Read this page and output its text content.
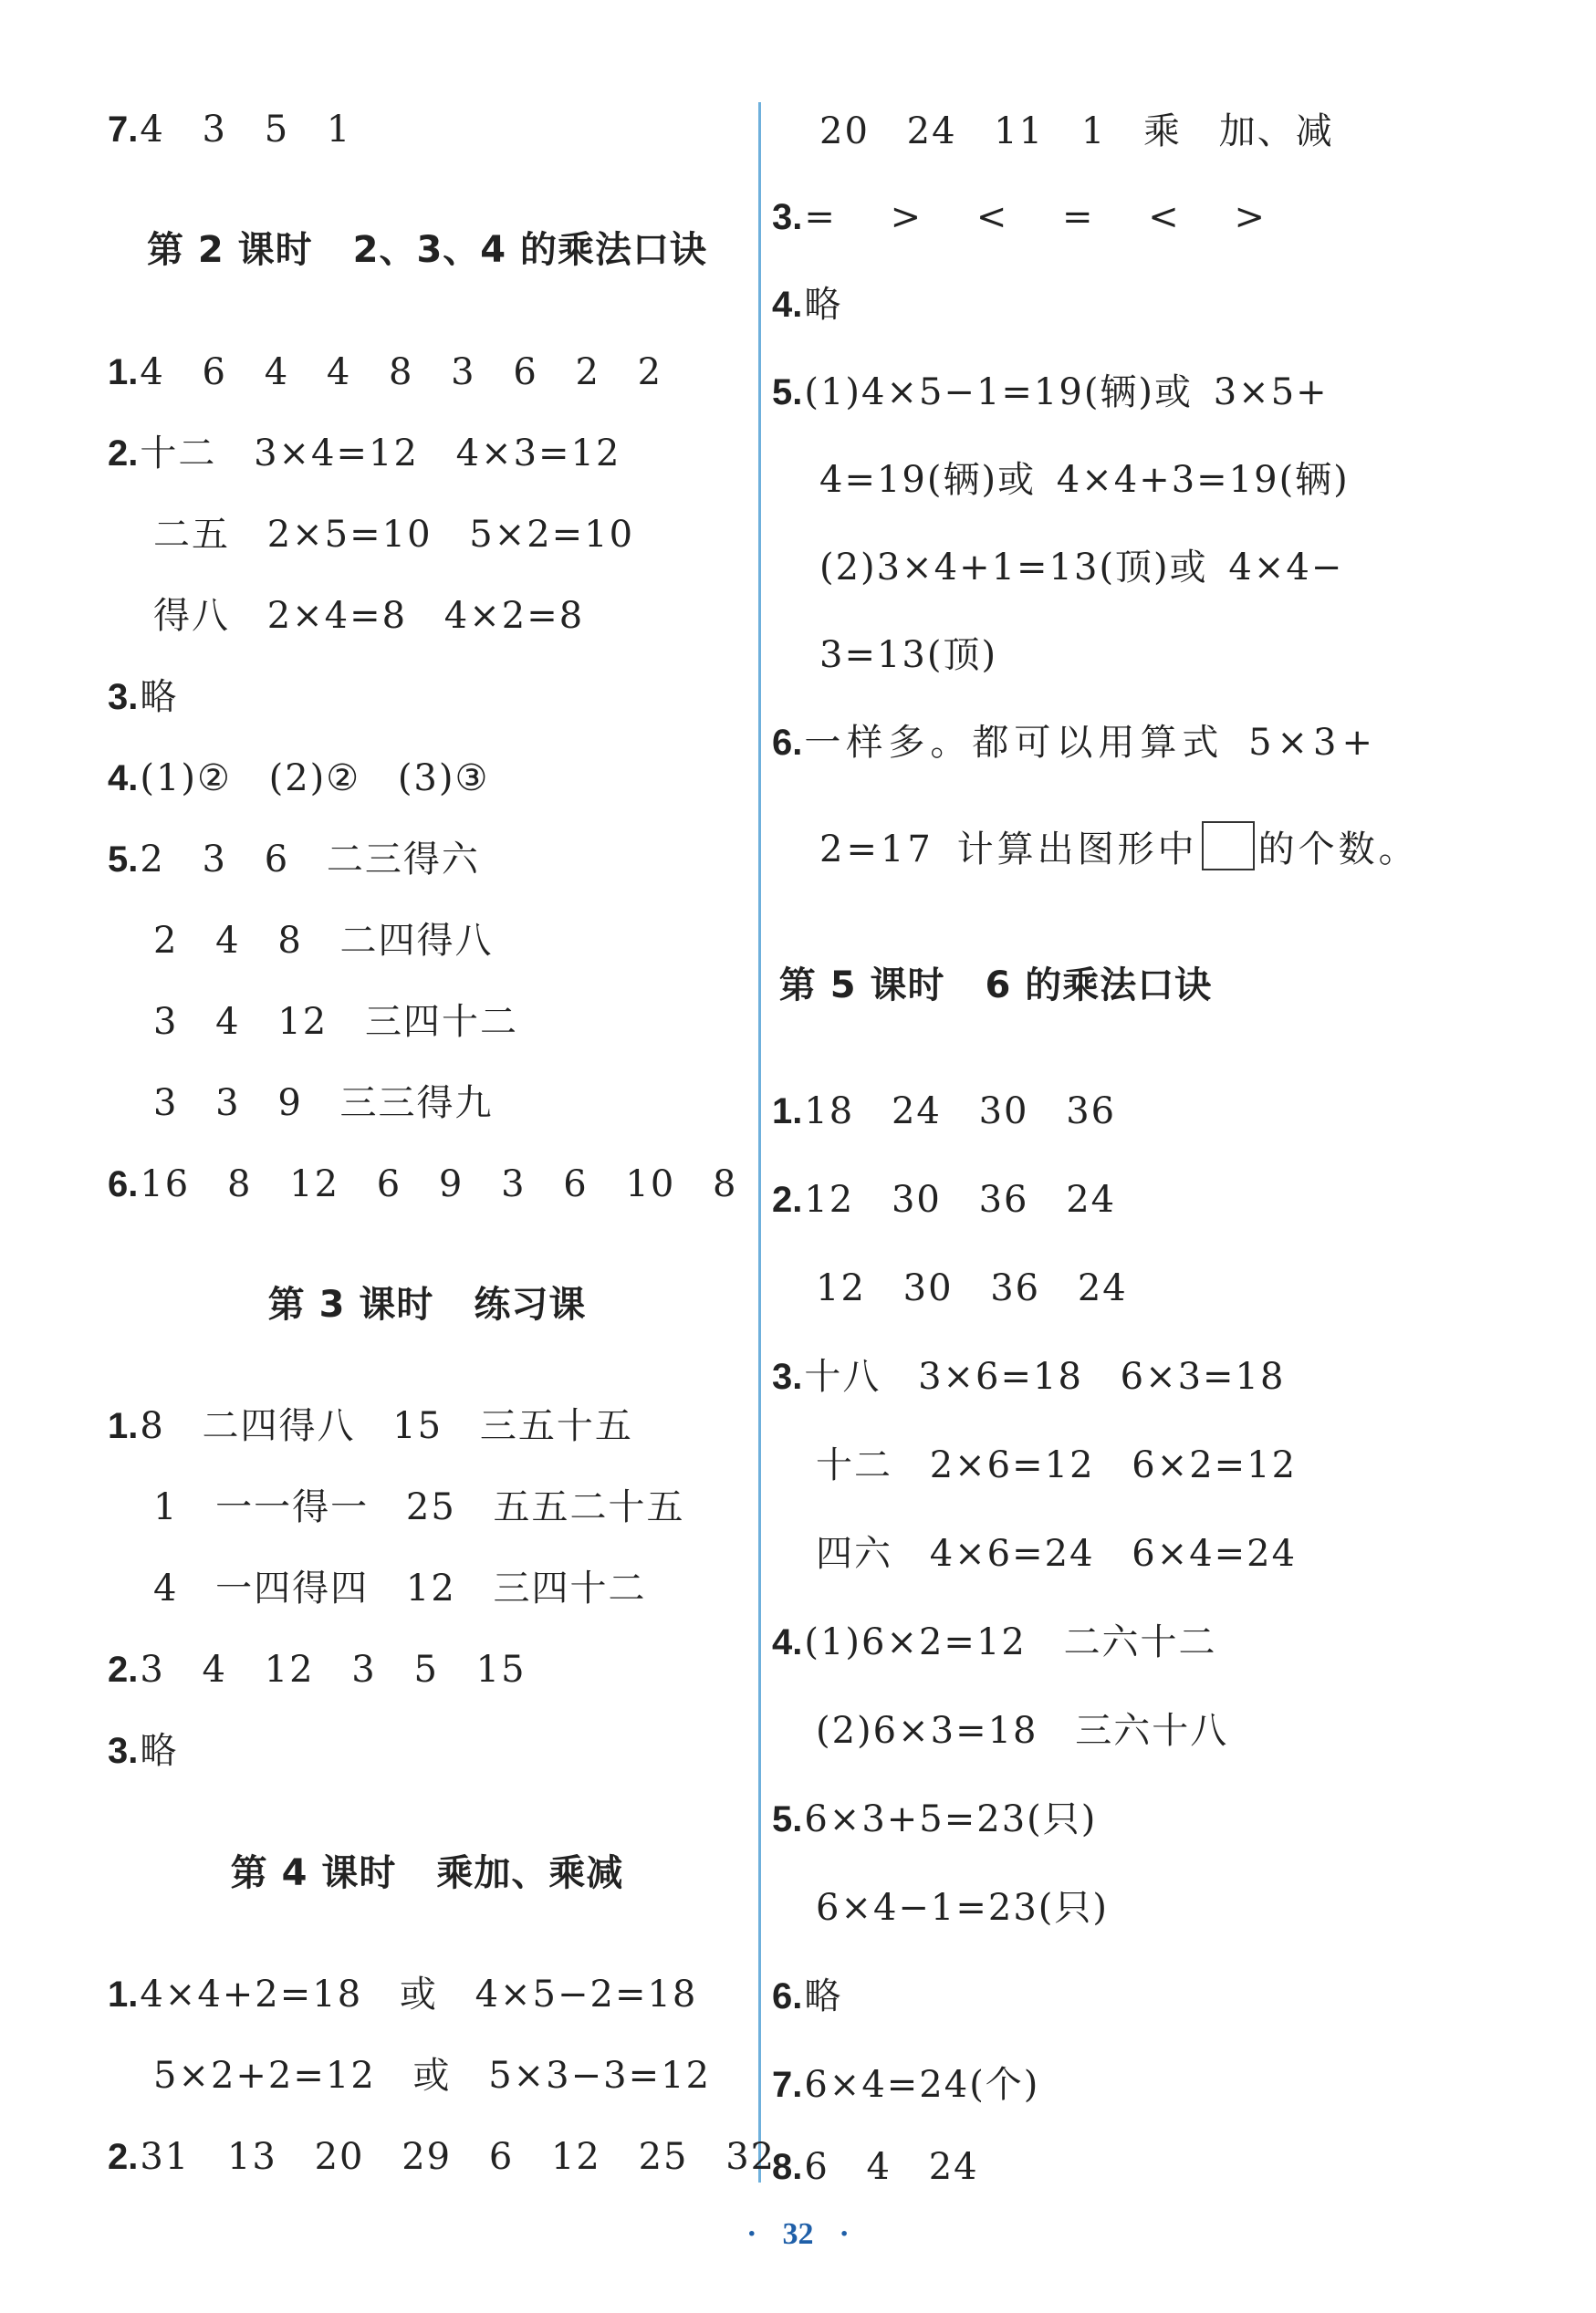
7.4 3 5 1
第 2 课时 2、3、4 的乘法口诀
1.4 6 4 4 8 3 6 2 2
2.十二 3×4=12 4×3=12
二五 2×5=10 5×2=10
得八 2×4=8 4×2=8
3.略
4.(1)② (2)② (3)③
5.2 3 6 二三得六
2 4 8 二四得八
3 4 12 三四十二
3 3 9 三三得九
6.16 8 12 6 9 3 6 10 8
第 3 课时 练习课
1.8 二四得八 15 三五十五
1 一一得一 25 五五二十五
4 一四得四 12 三四十二
2.3 4 12 3 5 15
3.略
第 4 课时 乘加、乘减
1.4×4+2=18 或 4×5−2=18
5×2+2=12 或 5×3−3=12
2.31 13 20 29 6 12 25 32
20 24 11 1 乘 加、减
3.= > < = < >
4.略
5.(1)4×5−1=19(辆)或 3×5+
4=19(辆)或 4×4+3=19(辆)
(2)3×4+1=13(顶)或 4×4−
3=13(顶)
6.一样多。都可以用算式 5×3+
2=17 计算出图形中 的个数。
第 5 课时 6 的乘法口诀
1.18 24 30 36
2.12 30 36 24
12 30 36 24
3.十八 3×6=18 6×3=18
十二 2×6=12 6×2=12
四六 4×6=24 6×4=24
4.(1)6×2=12 二六十二
(2)6×3=18 三六十八
5.6×3+5=23(只)
6×4−1=23(只)
6.略
7.6×4=24(个)
8.6 4 24
· 32 ·
